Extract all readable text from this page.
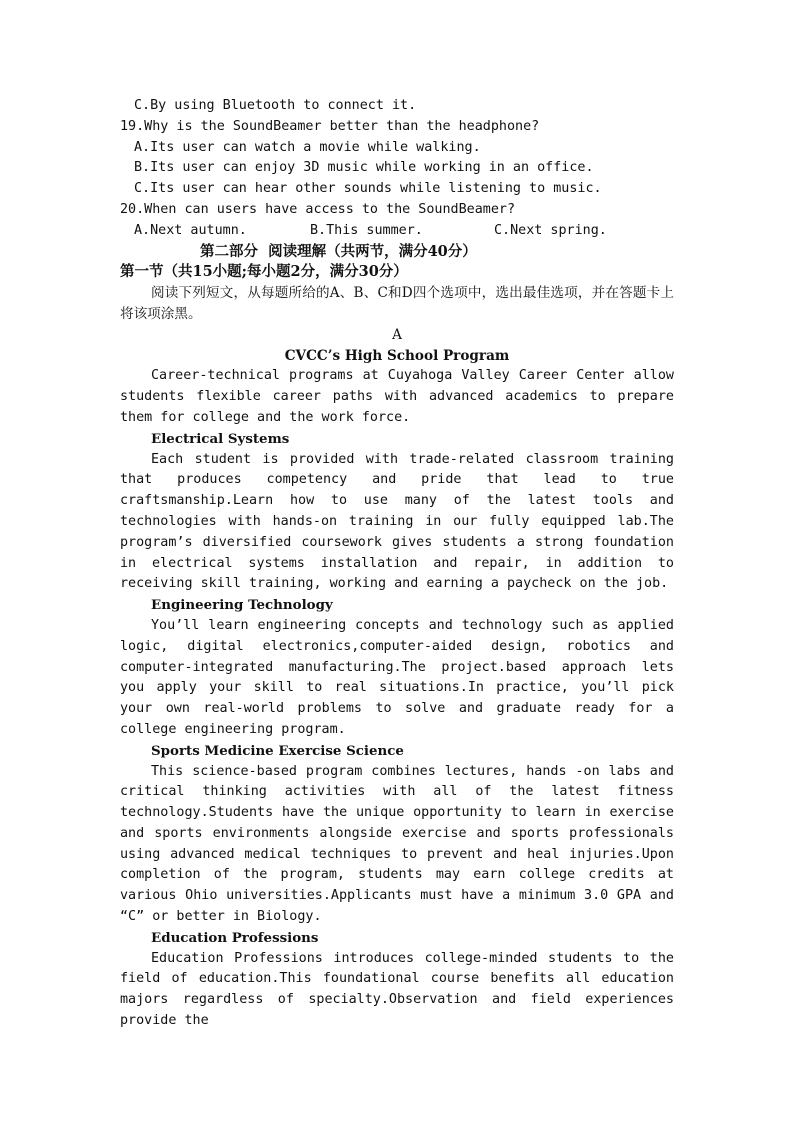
C.By using Bluetooth to connect it.
19.Why is the SoundBeamer better than the headphone?
A.Its user can watch a movie while walking.
B.Its user can enjoy 3D music while working in an office.
C.Its user can hear other sounds while listening to music.
20.When can users have access to the SoundBeamer?
A.Next autumn.	B.This summer.	C.Next spring.
第二部分  阅读理解（共两节，满分40分）
第一节（共15小题;每小题2分，满分30分）

阅读下列短文，从每题所给的A、B、C和D四个选项中，选出最佳选项，并在答题卡上将该项涂黑。

A
CVCC’s High School Program

Career-technical programs at Cuyahoga Valley Career Center allow students flexible career paths with advanced academics to prepare them for college and the work force.

Electrical Systems

Each student is provided with trade-related classroom training that produces competency and pride that lead to true craftsmanship.Learn how to use many of the latest tools and technologies with hands-on training in our fully equipped lab.The program’s diversified coursework gives students a strong foundation in electrical systems installation and repair, in addition to receiving skill training, working and earning a paycheck on the job.

Engineering Technology

You’ll learn engineering concepts and technology such as applied logic, digital electronics,computer-aided design, robotics and computer-integrated manufacturing.The project.based approach lets you apply your skill to real situations.In practice, you’ll pick your own real-world problems to solve and graduate ready for a college engineering program.

Sports Medicine Exercise Science

This science-based program combines lectures, hands -on labs and critical thinking activities with all of the latest fitness technology.Students have the unique opportunity to learn in exercise and sports environments alongside exercise and sports professionals using advanced medical techniques to prevent and heal injuries.Upon completion of the program, students may earn college credits at various Ohio universities.Applicants must have a minimum 3.0 GPA and “C” or better in Biology.

Education Professions

Education Professions introduces college-minded students to the field of education.This foundational course benefits all education majors regardless of specialty.Observation and field experiences provide the
